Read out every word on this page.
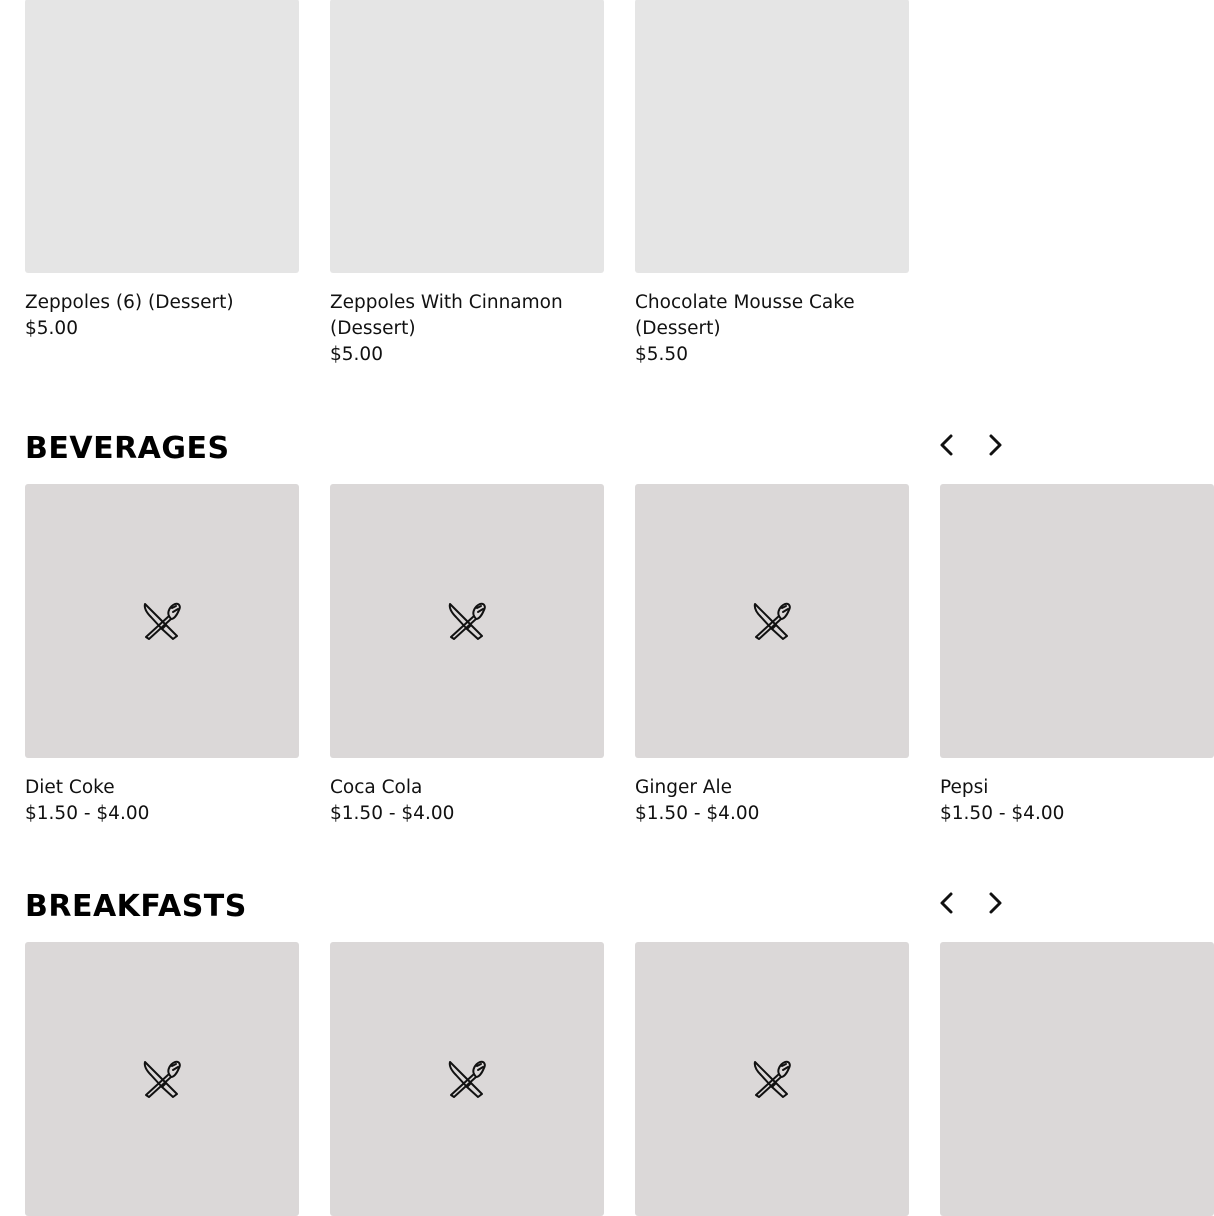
Zeppoles (6) (Dessert)
$5.00
Zeppoles With Cinnamon (Dessert)
$5.00
Chocolate Mousse Cake (Dessert)
$5.50
BEVERAGES
Diet Coke
$1.50 - $4.00
Coca Cola
$1.50 - $4.00
Ginger Ale
$1.50 - $4.00
Pepsi
$1.50 - $4.00
BREAKFASTS
